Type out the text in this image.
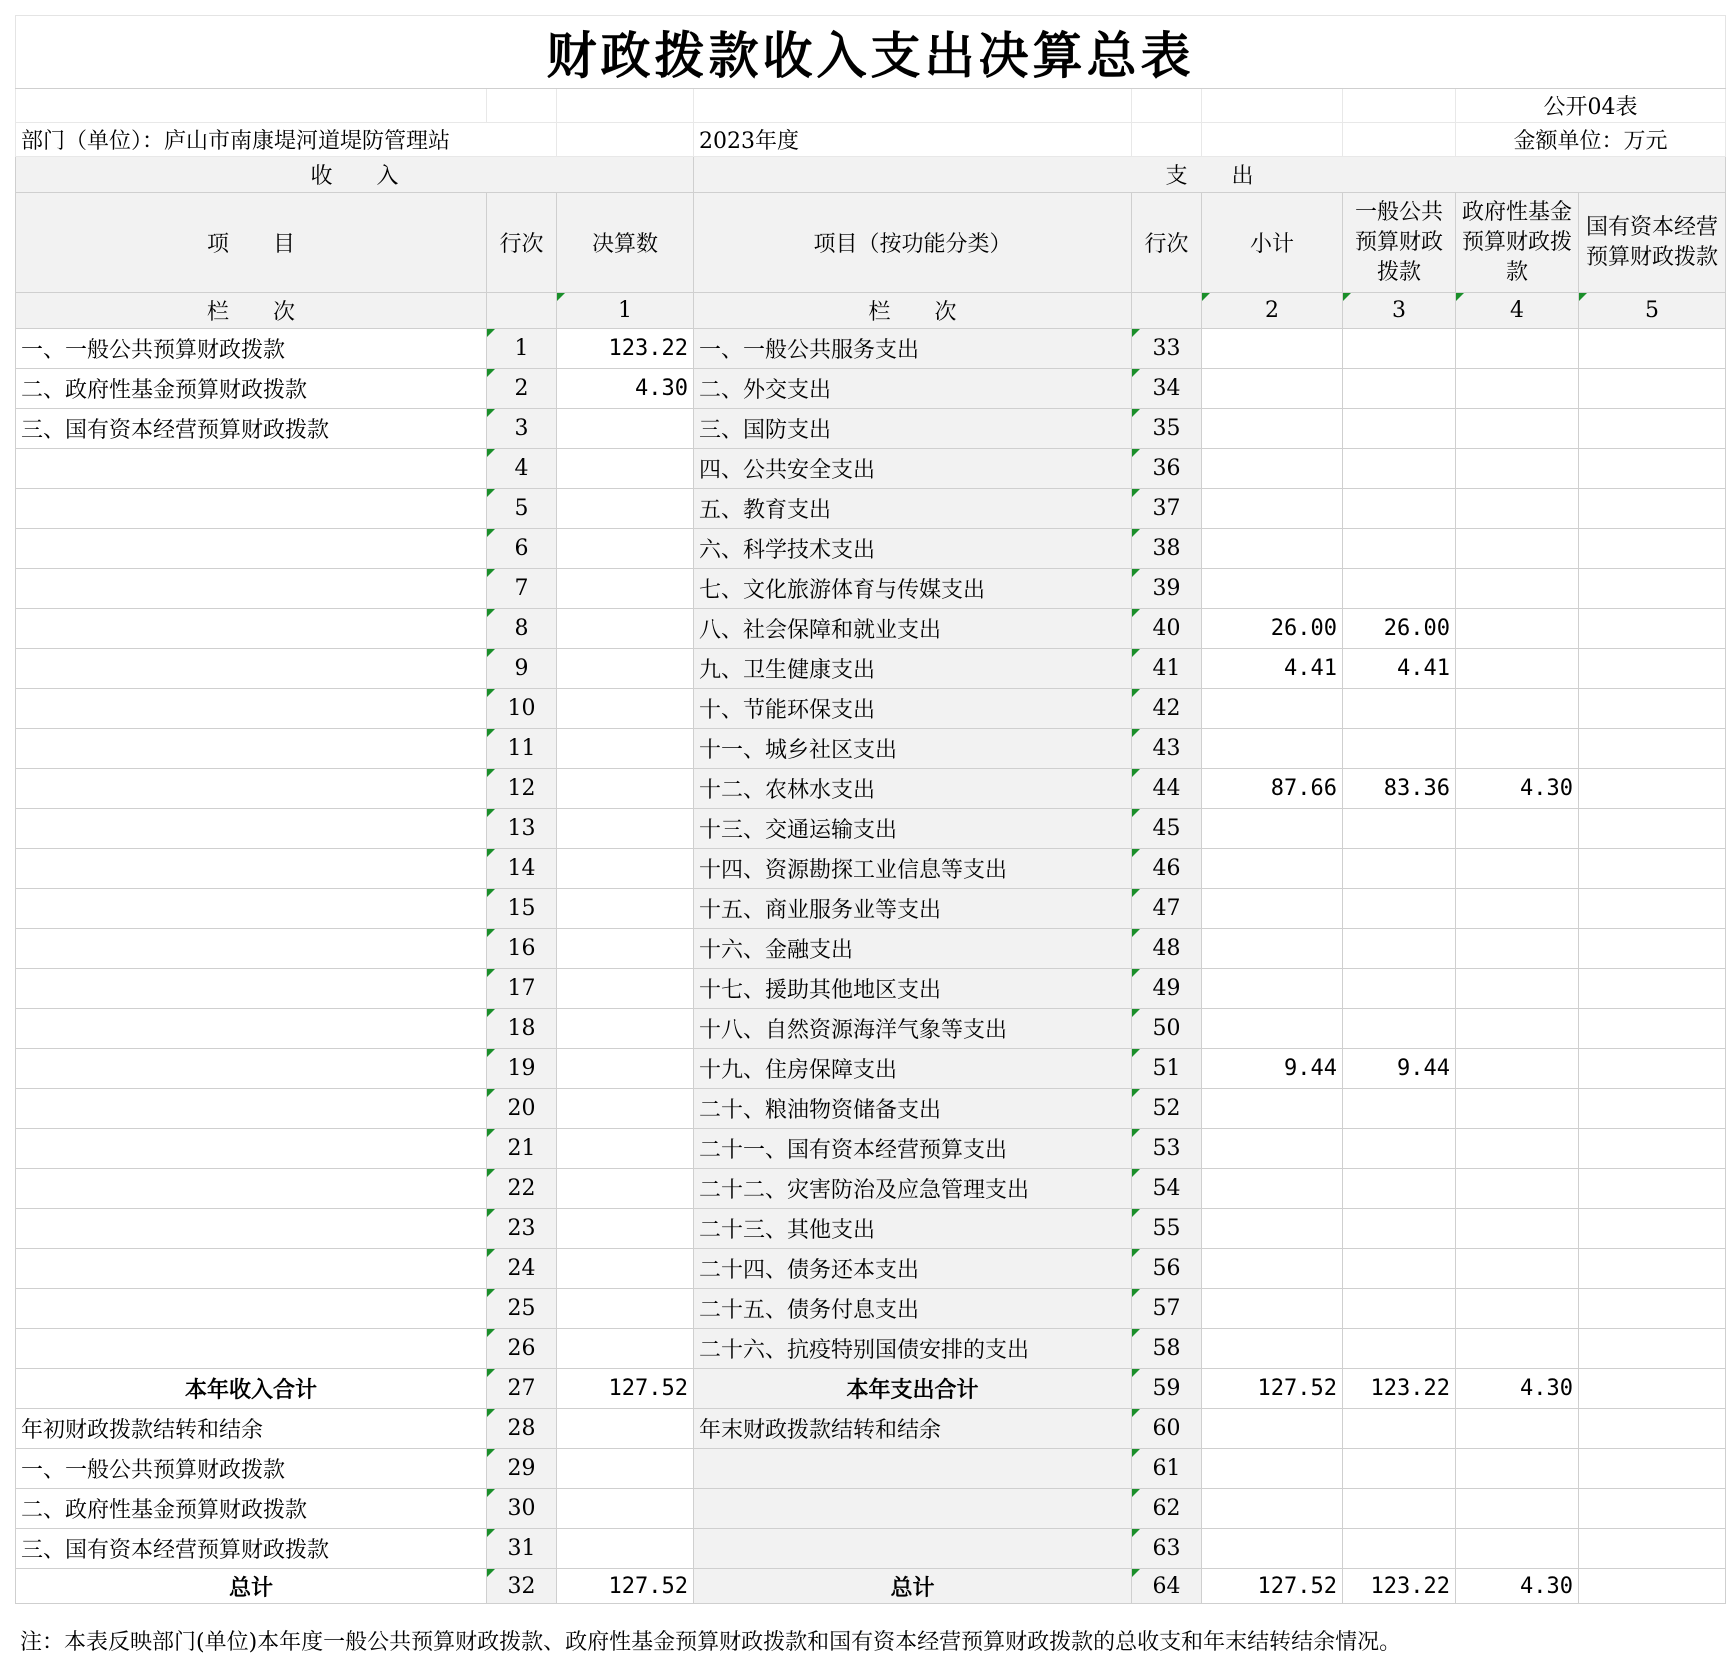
财政拨款收入支出决算总表								
							公开04表	
部门（单位）：庐山市南康堤河道堤防管理站			2023年度				金额单位：万元	
收　　入			支　　出					
项　　目	行次	决算数	项目（按功能分类）	行次	小计	一般公共预算财政拨款	政府性基金预算财政拨款	国有资本经营预算财政拨款
栏　　次		1	栏　　次		2	3	4	5
一、一般公共预算财政拨款	1	123.22	一、一般公共服务支出	33				
二、政府性基金预算财政拨款	2	4.30	二、外交支出	34				
三、国有资本经营预算财政拨款	3		三、国防支出	35				
	4		四、公共安全支出	36				
	5		五、教育支出	37				
	6		六、科学技术支出	38				
	7		七、文化旅游体育与传媒支出	39				
	8		八、社会保障和就业支出	40	26.00	26.00		
	9		九、卫生健康支出	41	4.41	4.41		
	10		十、节能环保支出	42				
	11		十一、城乡社区支出	43				
	12		十二、农林水支出	44	87.66	83.36	4.30	
	13		十三、交通运输支出	45				
	14		十四、资源勘探工业信息等支出	46				
	15		十五、商业服务业等支出	47				
	16		十六、金融支出	48				
	17		十七、援助其他地区支出	49				
	18		十八、自然资源海洋气象等支出	50				
	19		十九、住房保障支出	51	9.44	9.44		
	20		二十、粮油物资储备支出	52				
	21		二十一、国有资本经营预算支出	53				
	22		二十二、灾害防治及应急管理支出	54				
	23		二十三、其他支出	55				
	24		二十四、债务还本支出	56				
	25		二十五、债务付息支出	57				
	26		二十六、抗疫特别国债安排的支出	58				
本年收入合计	27	127.52	本年支出合计	59	127.52	123.22	4.30	
年初财政拨款结转和结余	28		年末财政拨款结转和结余	60				
一、一般公共预算财政拨款	29			61				
二、政府性基金预算财政拨款	30			62				
三、国有资本经营预算财政拨款	31			63				
总计	32	127.52	总计	64	127.52	123.22	4.30	
注：本表反映部门(单位)本年度一般公共预算财政拨款、政府性基金预算财政拨款和国有资本经营预算财政拨款的总收支和年末结转结余情况。
